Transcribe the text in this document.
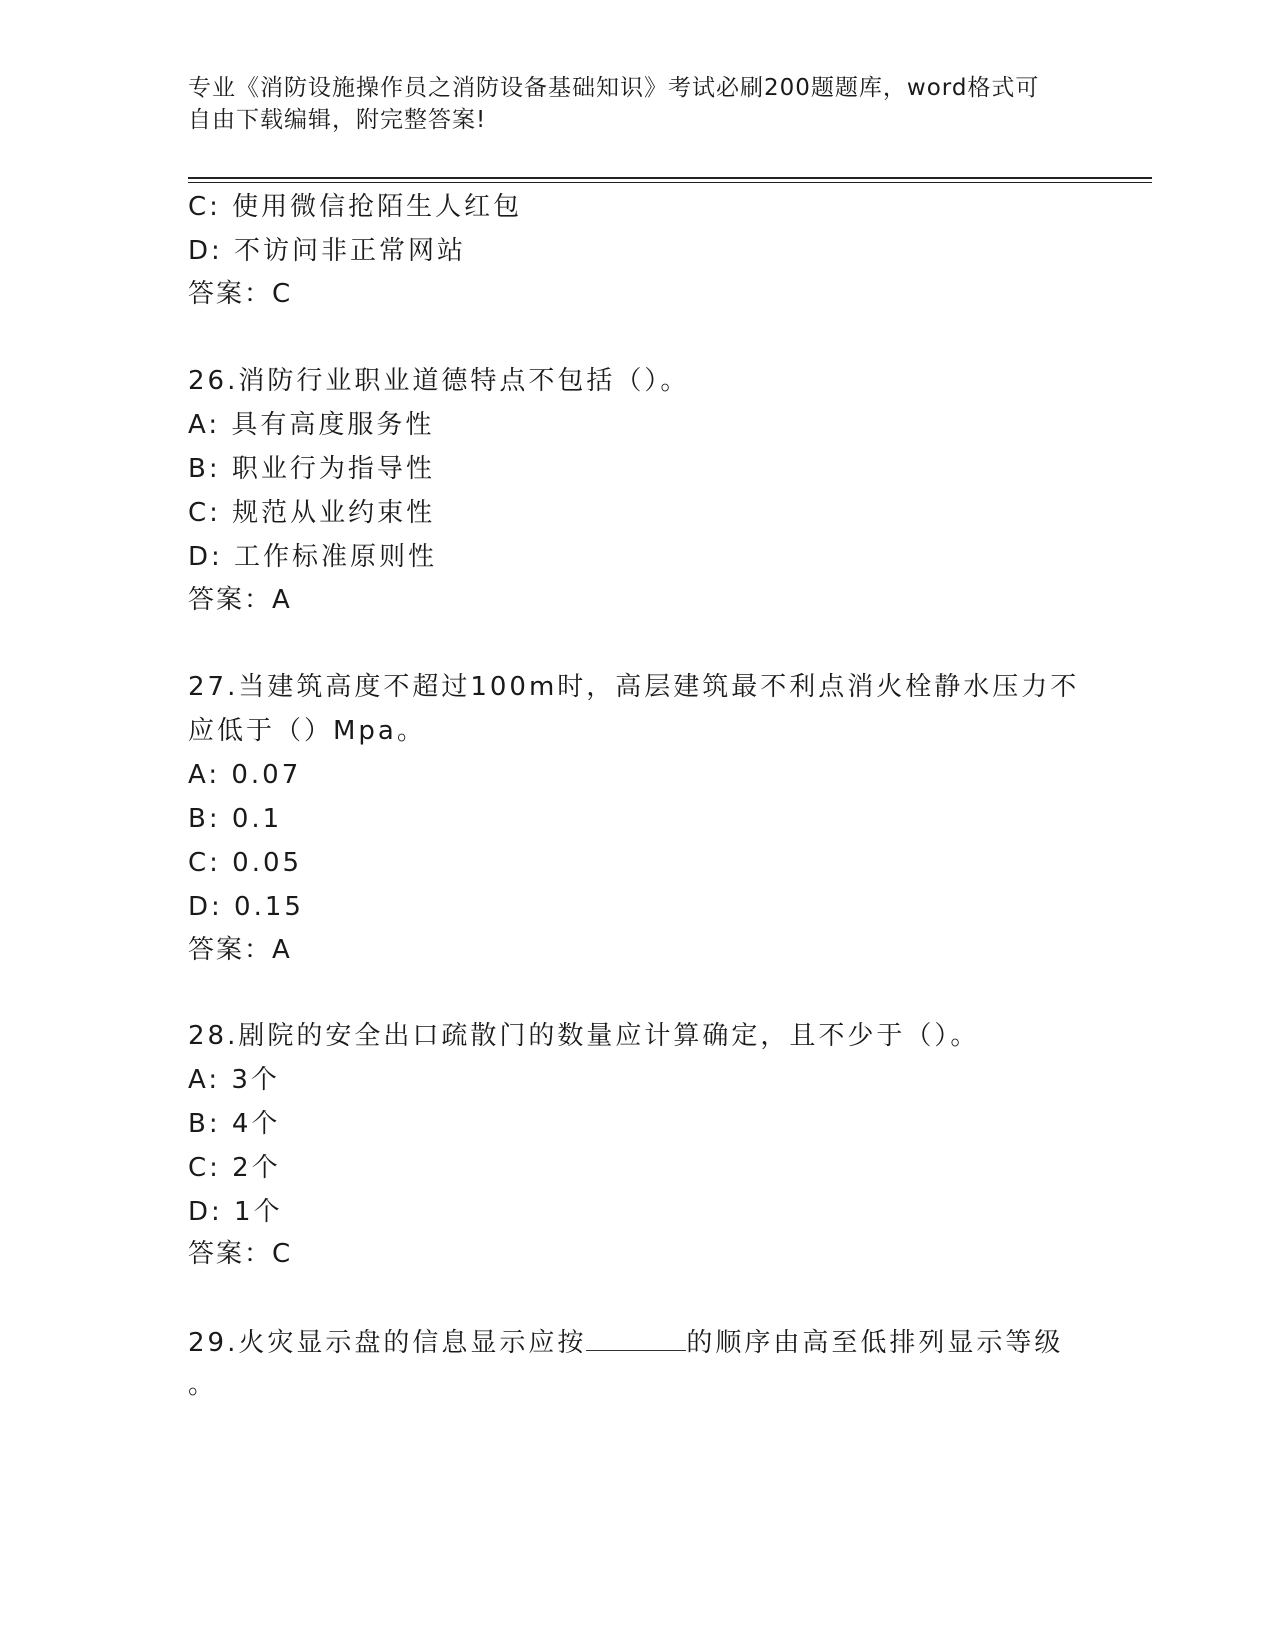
专业《消防设施操作员之消防设备基础知识》考试必刷200题题库，word格式可
自由下载编辑，附完整答案!
C: 使用微信抢陌生人红包
D: 不访问非正常网站
答案：C
26.消防行业职业道德特点不包括（）。
A: 具有高度服务性
B: 职业行为指导性
C: 规范从业约束性
D: 工作标准原则性
答案：A
27.当建筑高度不超过100m时，高层建筑最不利点消火栓静水压力不
应低于（）Mpa。
A: 0.07
B: 0.1
C: 0.05
D: 0.15
答案：A
28.剧院的安全出口疏散门的数量应计算确定，且不少于（）。
A: 3个
B: 4个
C: 2个
D: 1个
答案：C
29.火灾显示盘的信息显示应按	的顺序由高至低排列显示等级
。
